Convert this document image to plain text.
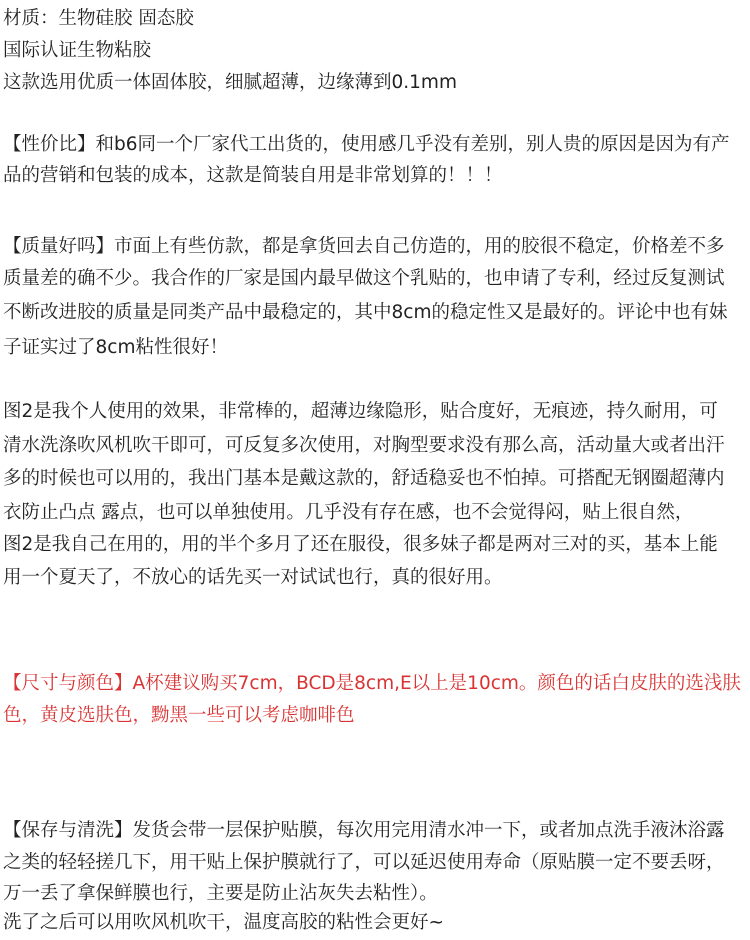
材质：生物硅胶 固态胶
国际认证生物粘胶
这款选用优质一体固体胶，细腻超薄，边缘薄到0.1mm
【性价比】和b6同一个厂家代工出货的，使用感几乎没有差别，别人贵的原因是因为有产
品的营销和包装的成本，这款是简装自用是非常划算的！！！
【质量好吗】市面上有些仿款，都是拿货回去自己仿造的，用的胶很不稳定，价格差不多
质量差的确不少。我合作的厂家是国内最早做这个乳贴的，也申请了专利，经过反复测试
不断改进胶的质量是同类产品中最稳定的，其中8cm的稳定性又是最好的。评论中也有妹
子证实过了8cm粘性很好！
图2是我个人使用的效果，非常棒的，超薄边缘隐形，贴合度好，无痕迹，持久耐用，可
清水洗涤吹风机吹干即可，可反复多次使用，对胸型要求没有那么高，活动量大或者出汗
多的时候也可以用的，我出门基本是戴这款的，舒适稳妥也不怕掉。可搭配无钢圈超薄内
衣防止凸点 露点，也可以单独使用。几乎没有存在感，也不会觉得闷，贴上很自然，
图2是我自己在用的，用的半个多月了还在服役，很多妹子都是两对三对的买，基本上能
用一个夏天了，不放心的话先买一对试试也行，真的很好用。
【尺寸与颜色】A杯建议购买7cm，BCD是8cm,E以上是10cm。颜色的话白皮肤的选浅肤
色，黄皮选肤色，黝黑一些可以考虑咖啡色
【保存与清洗】发货会带一层保护贴膜，每次用完用清水冲一下，或者加点洗手液沐浴露
之类的轻轻搓几下，用干贴上保护膜就行了，可以延迟使用寿命（原贴膜一定不要丢呀，
万一丢了拿保鲜膜也行，主要是防止沾灰失去粘性）。
洗了之后可以用吹风机吹干，温度高胶的粘性会更好~
